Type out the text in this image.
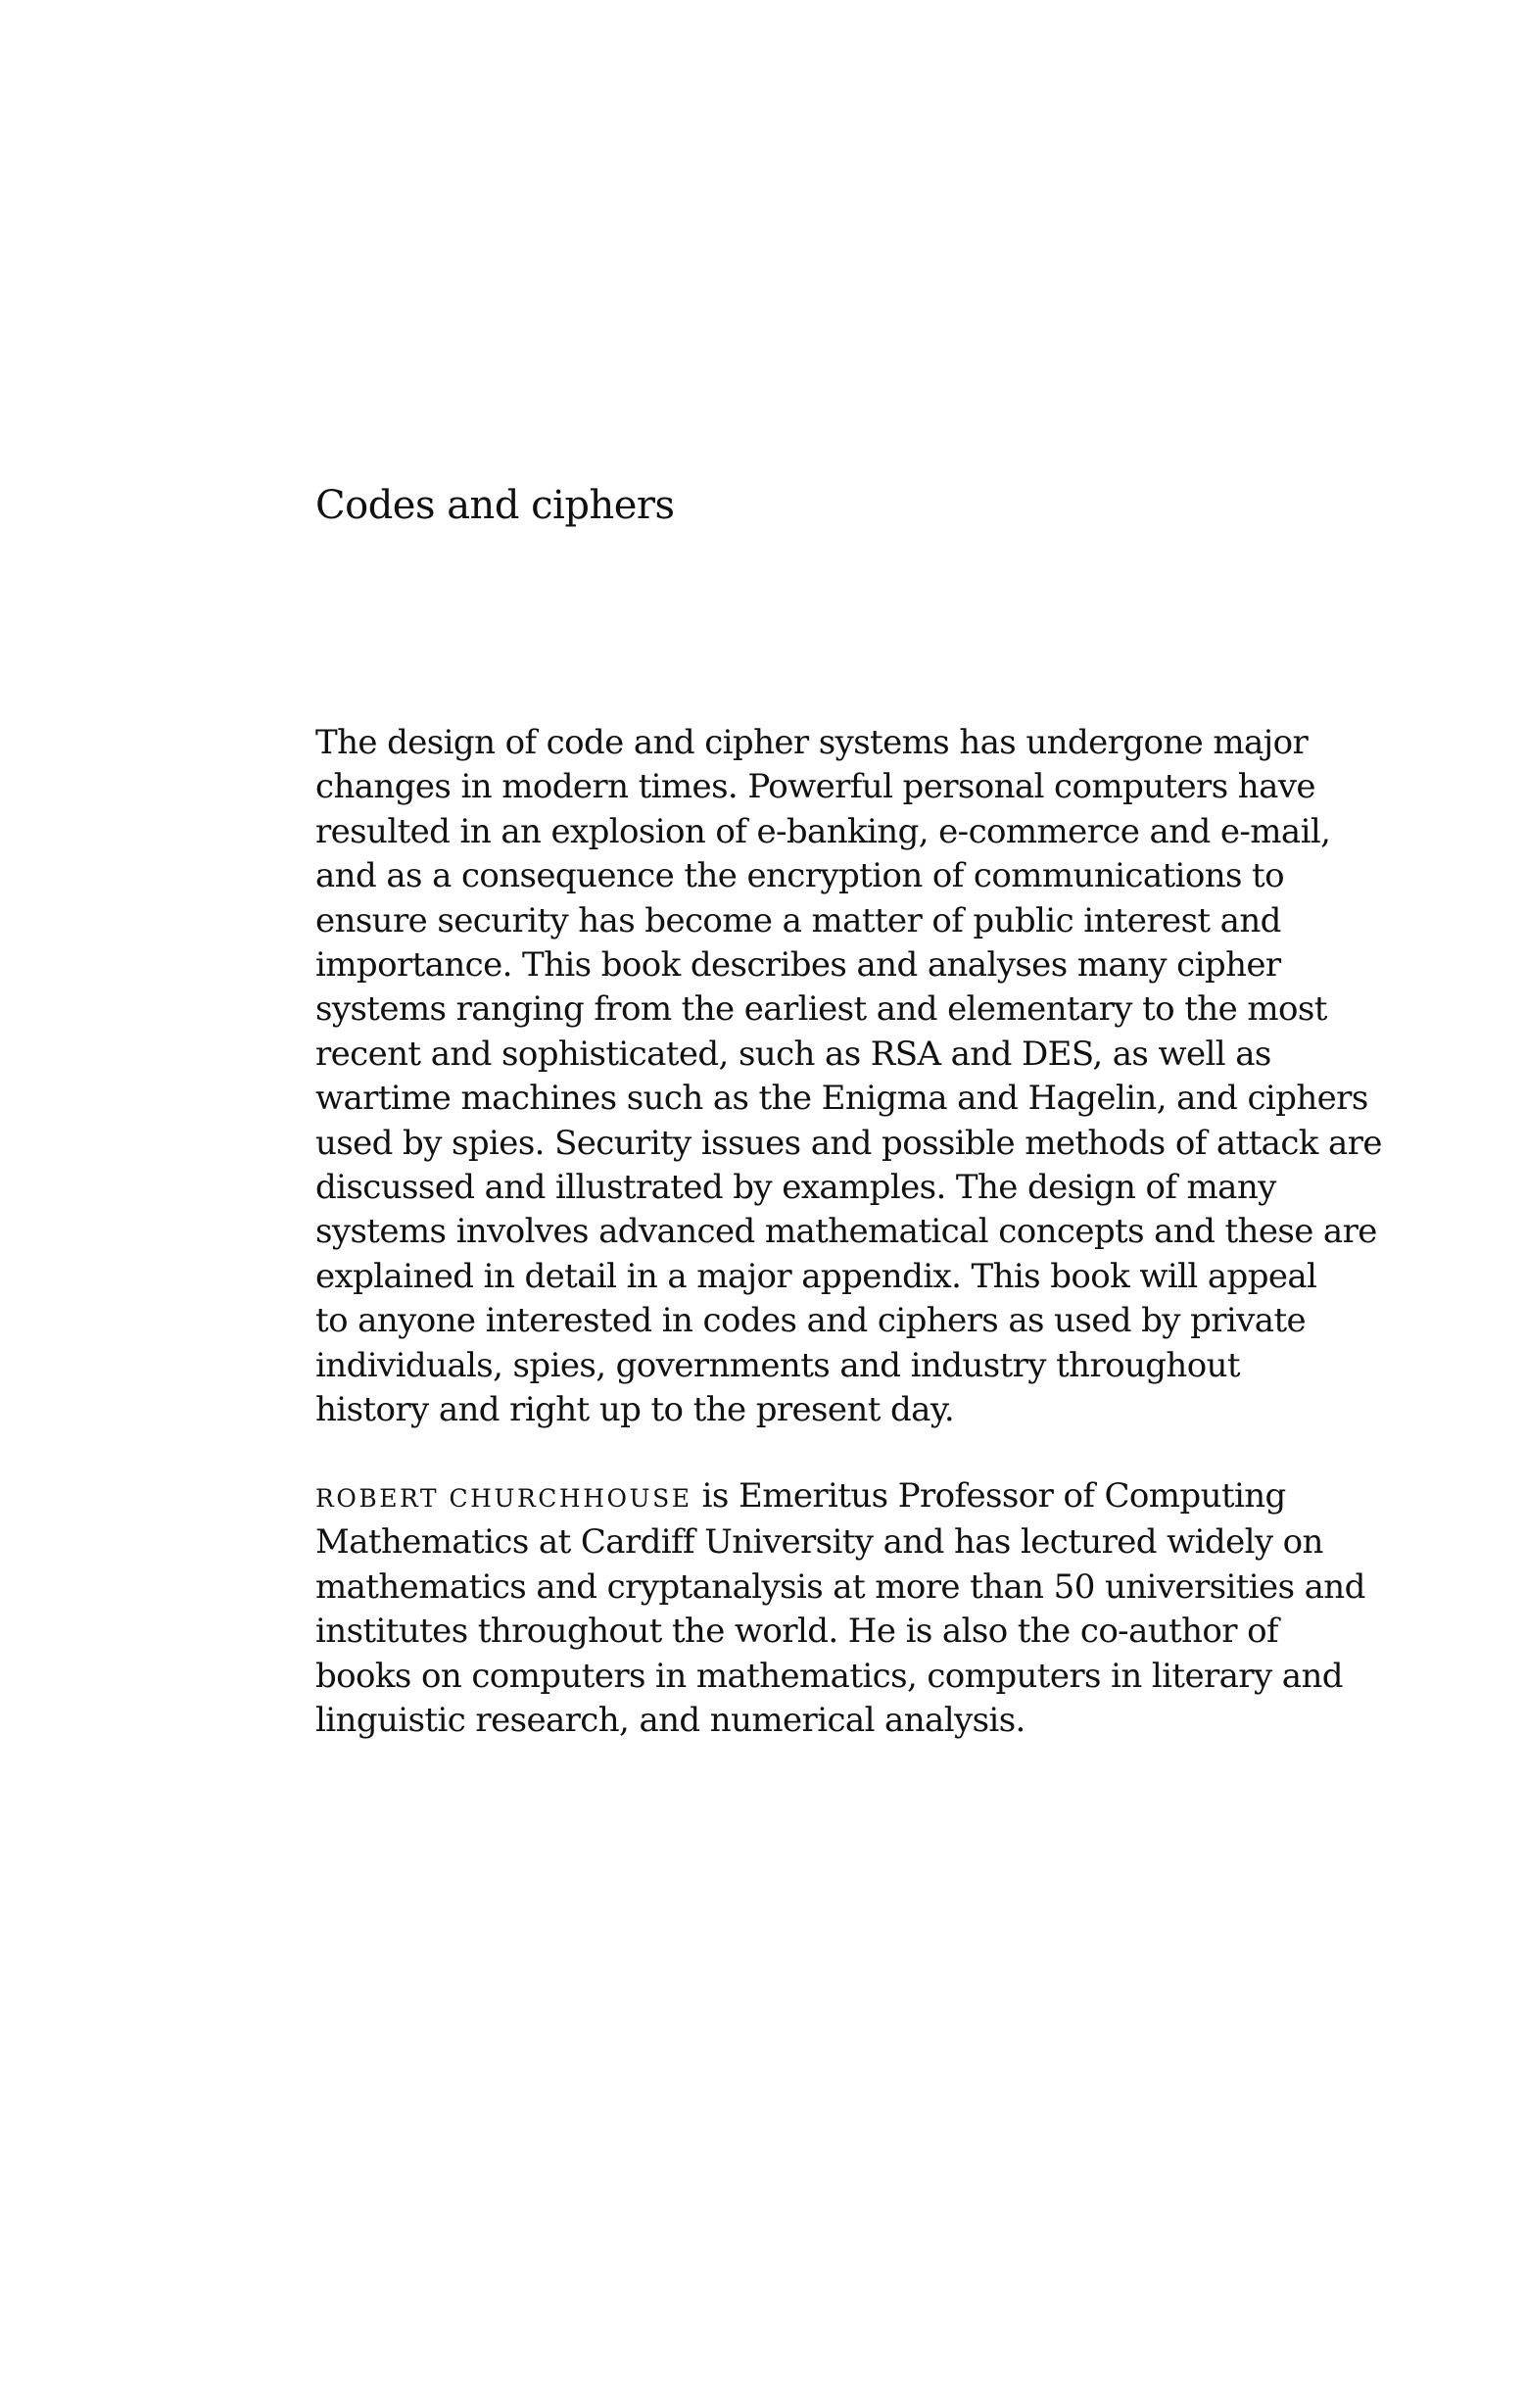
Codes and ciphers
The design of code and cipher systems has undergone major
changes in modern times. Powerful personal computers have
resulted in an explosion of e-banking, e-commerce and e-mail,
and as a consequence the encryption of communications to
ensure security has become a matter of public interest and
importance. This book describes and analyses many cipher
systems ranging from the earliest and elementary to the most
recent and sophisticated, such as RSA and DES, as well as
wartime machines such as the Enigma and Hagelin, and ciphers
used by spies. Security issues and possible methods of attack are
discussed and illustrated by examples. The design of many
systems involves advanced mathematical concepts and these are
explained in detail in a major appendix. This book will appeal
to anyone interested in codes and ciphers as used by private
individuals, spies, governments and industry throughout
history and right up to the present day.
ROBERT CHURCHHOUSE is Emeritus Professor of Computing
Mathematics at Cardiff University and has lectured widely on
mathematics and cryptanalysis at more than 50 universities and
institutes throughout the world. He is also the co-author of
books on computers in mathematics, computers in literary and
linguistic research, and numerical analysis.
